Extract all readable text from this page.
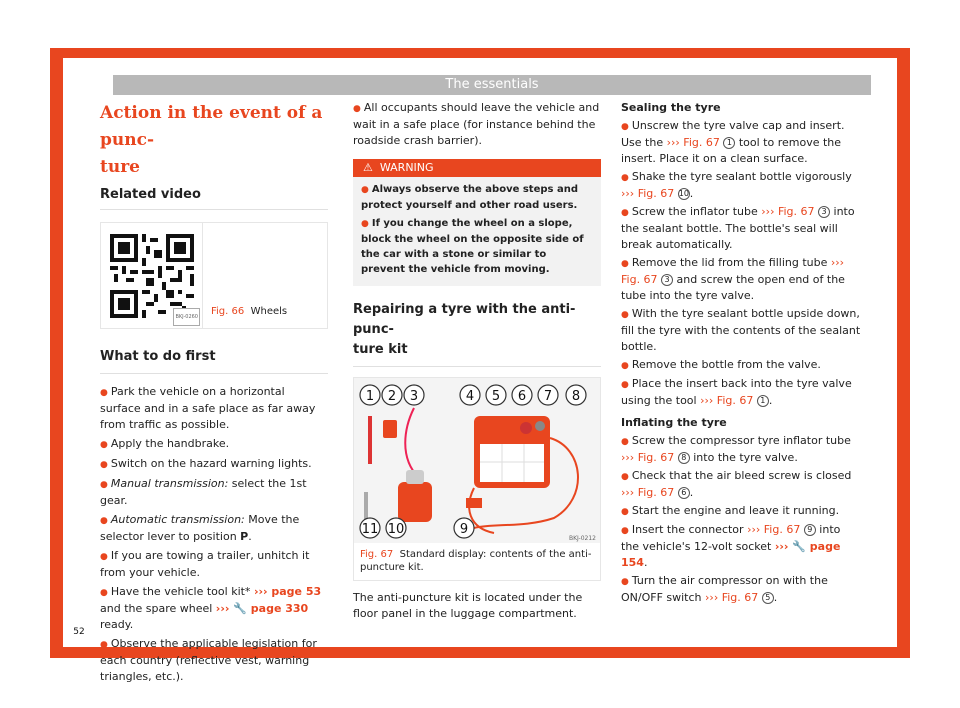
The essentials
Action in the event of a punc-
ture
Related video
BKJ-0260 Fig. 66
Wheels
What to do first
● Park the vehicle on a horizontal surface and in a safe place as far away from traffic as possible.
● Apply the handbrake.
● Switch on the hazard warning lights.
● Manual transmission: select the 1st gear.
● Automatic transmission: Move the selector lever to position P.
● If you are towing a trailer, unhitch it from your vehicle.
● Have the vehicle tool kit* ››› page 53 and the spare wheel ››› 🔧 page 330 ready.
● Observe the applicable legislation for each country (reflective vest, warning triangles, etc.).
● All occupants should leave the vehicle and wait in a safe place (for instance behind the roadside crash barrier).
⚠ WARNING
● Always observe the above steps and protect yourself and other road users.
● If you change the wheel on a slope, block the wheel on the opposite side of the car with a stone or similar to prevent the vehicle from moving.
Repairing a tyre with the anti-punc-
ture kit
1 2 3	4 5 6 7 8
9
10
11
BKJ-0212
Fig. 67 Standard display: contents of the anti-puncture kit.
The anti-puncture kit is located under the floor panel in the luggage compartment.
Sealing the tyre
● Unscrew the tyre valve cap and insert. Use the ››› Fig. 67 1 tool to remove the insert. Place it on a clean surface.
● Shake the tyre sealant bottle vigorously ››› Fig. 67 10.
● Screw the inflator tube ››› Fig. 67 3 into the sealant bottle. The bottle's seal will break automatically.
● Remove the lid from the filling tube ››› Fig. 67 3 and screw the open end of the tube into the tyre valve.
● With the tyre sealant bottle upside down, fill the tyre with the contents of the sealant bottle.
● Remove the bottle from the valve.
● Place the insert back into the tyre valve using the tool ››› Fig. 67 1 .
Inflating the tyre
● Screw the compressor tyre inflator tube ››› Fig. 67 8 into the tyre valve.
● Check that the air bleed screw is closed ››› Fig. 67 6 .
● Start the engine and leave it running.
● Insert the connector ››› Fig. 67 9 into the vehicle's 12-volt socket ››› 🔧 page 154.
● Turn the air compressor on with the ON/OFF switch ››› Fig. 67 5 .
52
